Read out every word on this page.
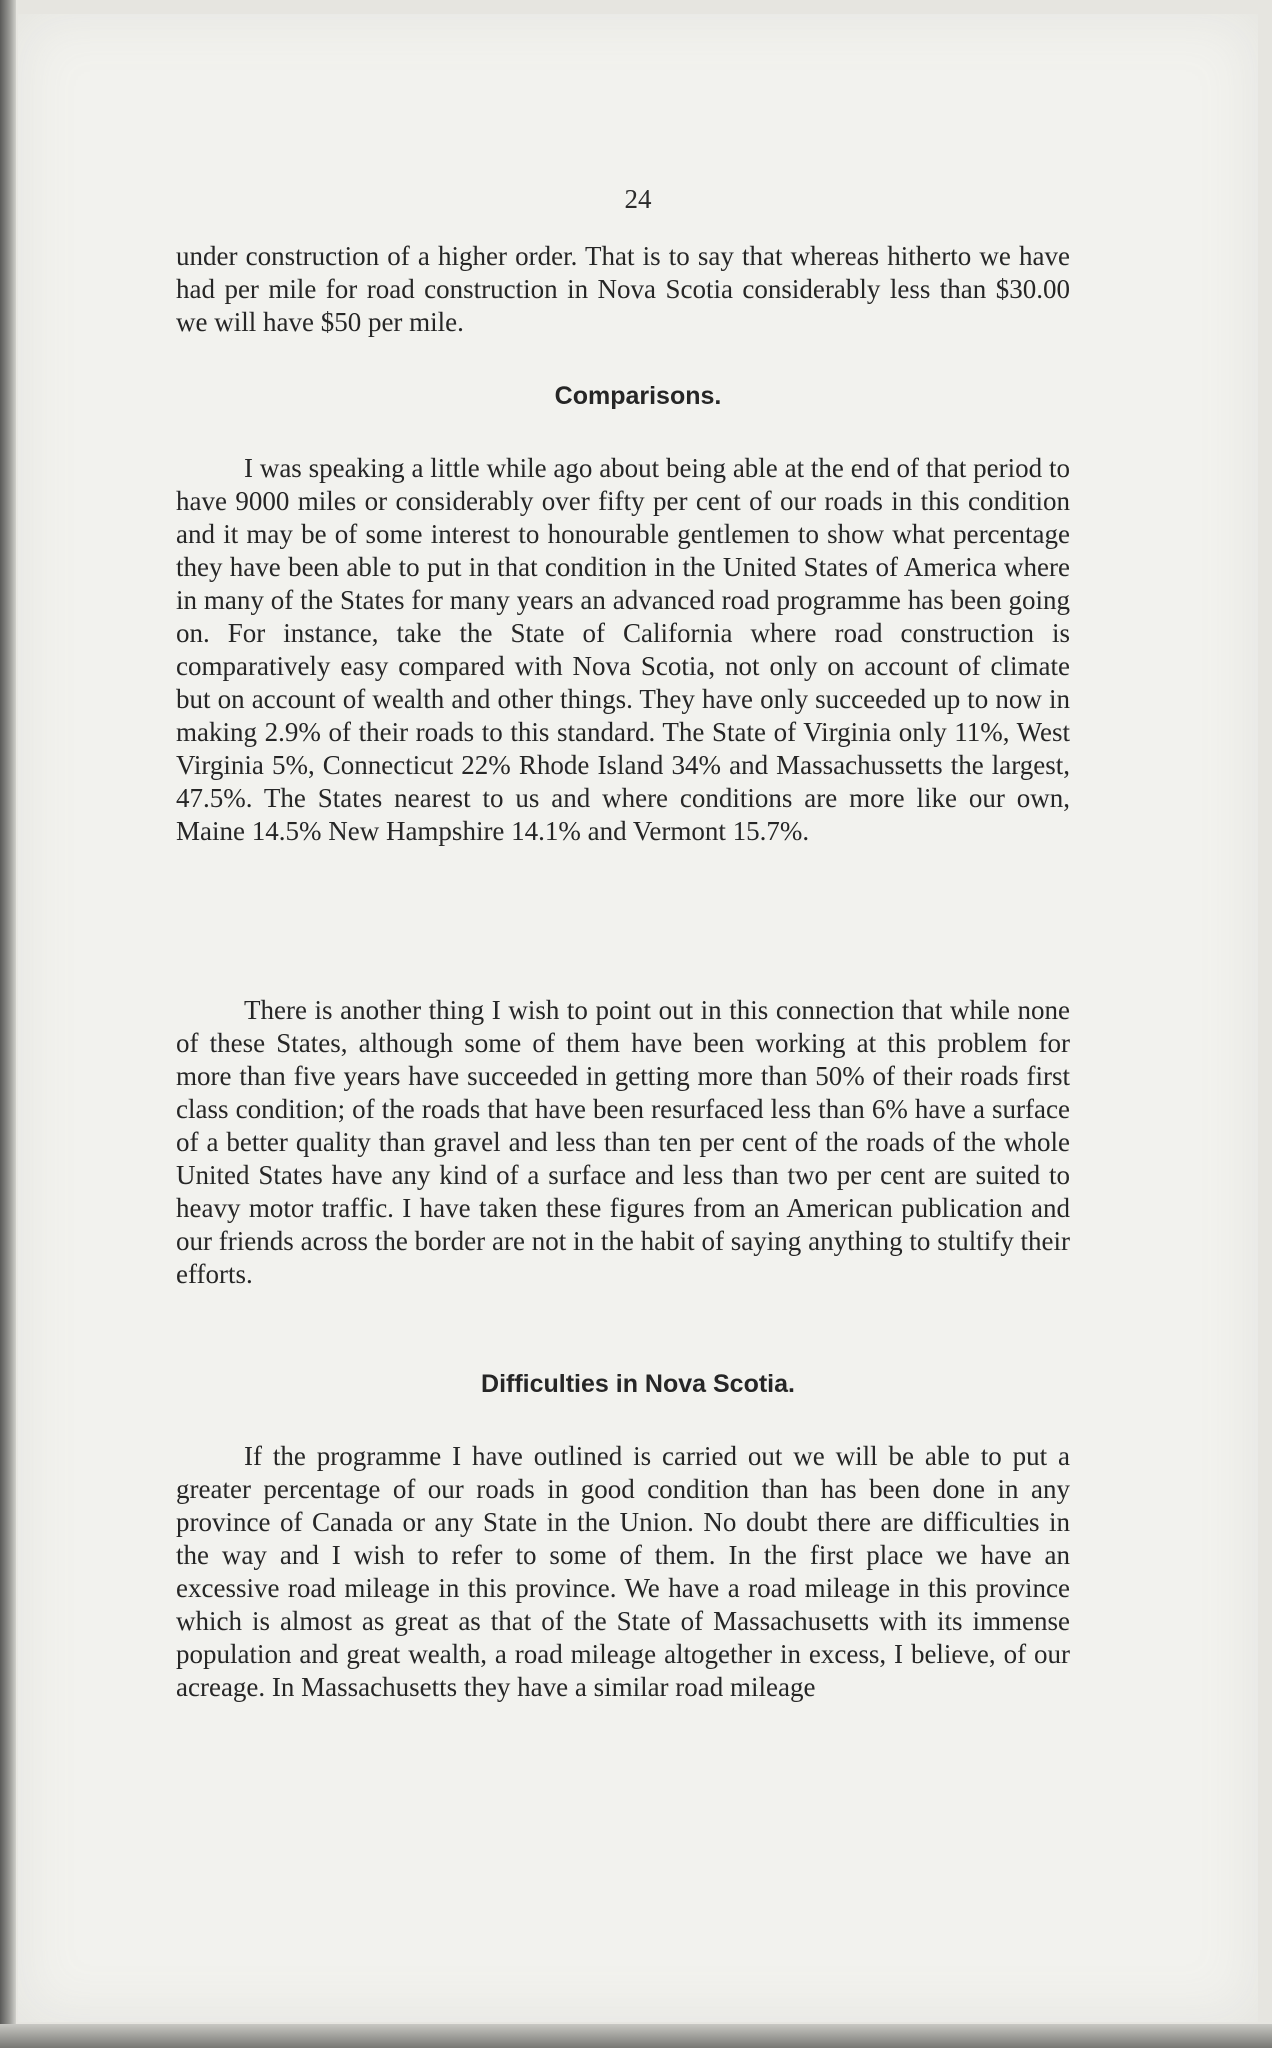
24

under construction of a higher order. That is to say that whereas hitherto we have had per mile for road construction in Nova Scotia considerably less than $30.00 we will have $50 per mile.

Comparisons.

I was speaking a little while ago about being able at the end of that period to have 9000 miles or considerably over fifty per cent of our roads in this condition and it may be of some interest to honourable gentlemen to show what percentage they have been able to put in that condition in the United States of America where in many of the States for many years an advanced road programme has been going on. For instance, take the State of California where road construction is comparatively easy compared with Nova Scotia, not only on account of climate but on account of wealth and other things. They have only succeeded up to now in making 2.9% of their roads to this standard. The State of Virginia only 11%, West Virginia 5%, Connecticut 22% Rhode Island 34% and Massachussetts the largest, 47.5%. The States nearest to us and where conditions are more like our own, Maine 14.5% New Hampshire 14.1% and Vermont 15.7%.

There is another thing I wish to point out in this connection that while none of these States, although some of them have been working at this problem for more than five years have succeeded in getting more than 50% of their roads first class condition; of the roads that have been resurfaced less than 6% have a surface of a better quality than gravel and less than ten per cent of the roads of the whole United States have any kind of a surface and less than two per cent are suited to heavy motor traffic. I have taken these figures from an American publication and our friends across the border are not in the habit of saying anything to stultify their efforts.

Difficulties in Nova Scotia.

If the programme I have outlined is carried out we will be able to put a greater percentage of our roads in good condition than has been done in any province of Canada or any State in the Union. No doubt there are difficulties in the way and I wish to refer to some of them. In the first place we have an excessive road mileage in this province. We have a road mileage in this province which is almost as great as that of the State of Massachusetts with its immense population and great wealth, a road mileage altogether in excess, I believe, of our acreage. In Massachusetts they have a similar road mileage
